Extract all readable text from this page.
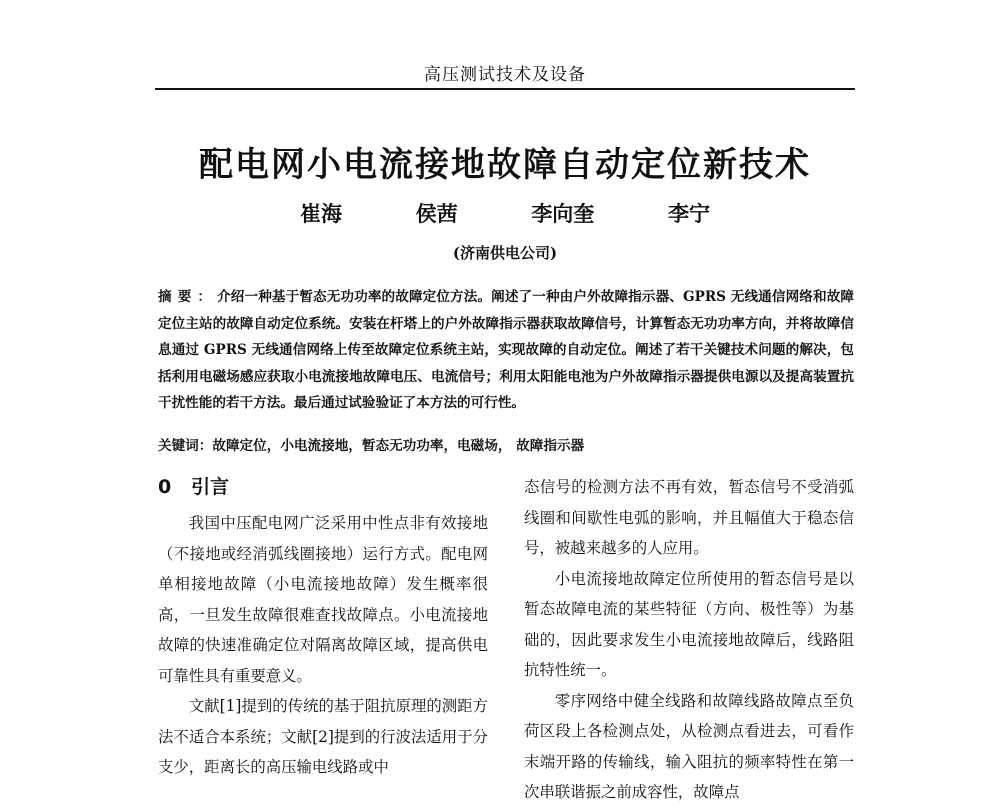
高压测试技术及设备
配电网小电流接地故障自动定位新技术
崔海	侯茜	李向奎	李宁
(济南供电公司)

摘要：介绍一种基于暂态无功功率的故障定位方法。阐述了一种由户外故障指示器、GPRS 无线通信网络和故障定位主站的故障自动定位系统。安装在杆塔上的户外故障指示器获取故障信号，计算暂态无功功率方向，并将故障信息通过 GPRS 无线通信网络上传至故障定位系统主站，实现故障的自动定位。阐述了若干关键技术问题的解决，包括利用电磁场感应获取小电流接地故障电压、电流信号；利用太阳能电池为户外故障指示器提供电源以及提高装置抗干扰性能的若干方法。最后通过试验验证了本方法的可行性。

关键词：故障定位，小电流接地，暂态无功功率，电磁场， 故障指示器
0 引言

我国中压配电网广泛采用中性点非有效接地（不接地或经消弧线圈接地）运行方式。配电网单相接地故障（小电流接地故障）发生概率很高，一旦发生故障很难查找故障点。小电流接地故障的快速准确定位对隔离故障区域，提高供电可靠性具有重要意义。

文献[1]提到的传统的基于阻抗原理的测距方法不适合本系统；文献[2]提到的行波法适用于分支少，距离长的高压输电线路或中

态信号的检测方法不再有效，暂态信号不受消弧线圈和间歇性电弧的影响，并且幅值大于稳态信号，被越来越多的人应用。

小电流接地故障定位所使用的暂态信号是以暂态故障电流的某些特征（方向、极性等）为基础的，因此要求发生小电流接地故障后，线路阻抗特性统一。

零序网络中健全线路和故障线路故障点至负荷区段上各检测点处，从检测点看进去，可看作末端开路的传输线，输入阻抗的频率特性在第一次串联谐振之前成容性，故障点
